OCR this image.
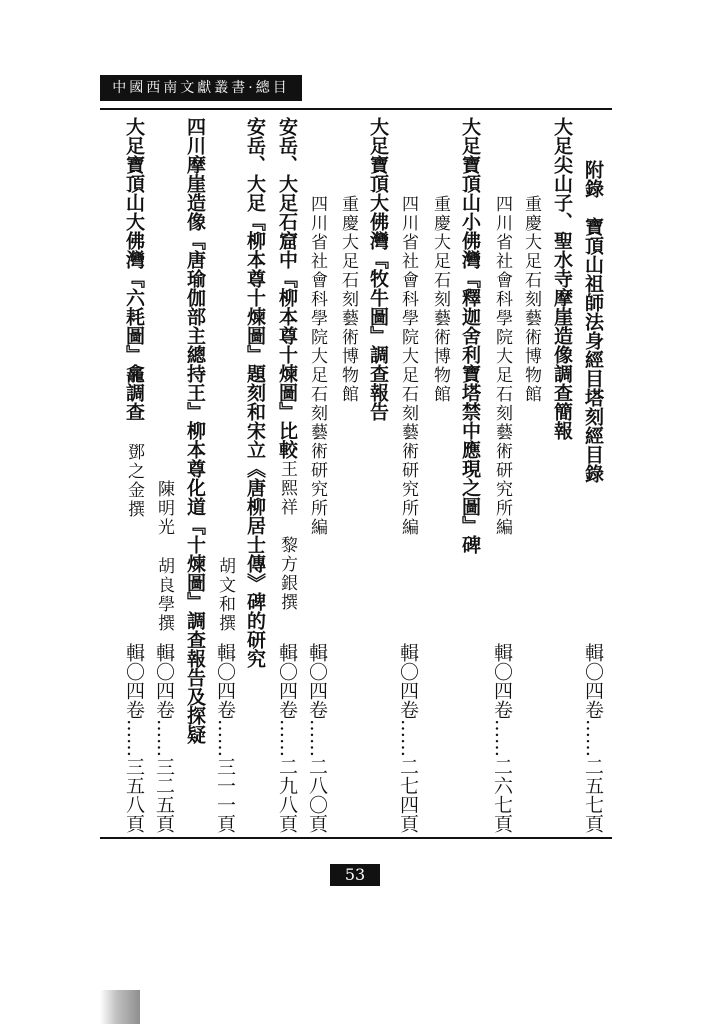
中國西南文獻叢書·總目
附錄　寶頂山祖師法身經目塔刻經目錄
輯〇四卷……二五七頁
大足尖山子、聖水寺摩崖造像調查簡報
重慶大足石刻藝術博物館
四川省社會科學院大足石刻藝術研究所編
輯〇四卷……二六七頁
大足寶頂山小佛灣『釋迦舍利寶塔禁中應現之圖』碑
重慶大足石刻藝術博物館
四川省社會科學院大足石刻藝術研究所編
輯〇四卷……二七四頁
大足寶頂大佛灣『牧牛圖』調查報告
重慶大足石刻藝術博物館
四川省社會科學院大足石刻藝術研究所編
輯〇四卷……二八〇頁
安岳、大足石窟中『柳本尊十煉圖』比較
王熙祥　黎方銀撰
輯〇四卷……二九八頁
安岳、大足『柳本尊十煉圖』題刻和宋立《唐柳居士傳》碑的研究
胡文和撰
輯〇四卷……三一一頁
四川摩崖造像『唐瑜伽部主總持王』柳本尊化道『十煉圖』調查報告及探疑
陳明光
胡良學撰
輯〇四卷……三二五頁
大足寶頂山大佛灣『六耗圖』龕調查
鄧之金撰
輯〇四卷……三五八頁
53
